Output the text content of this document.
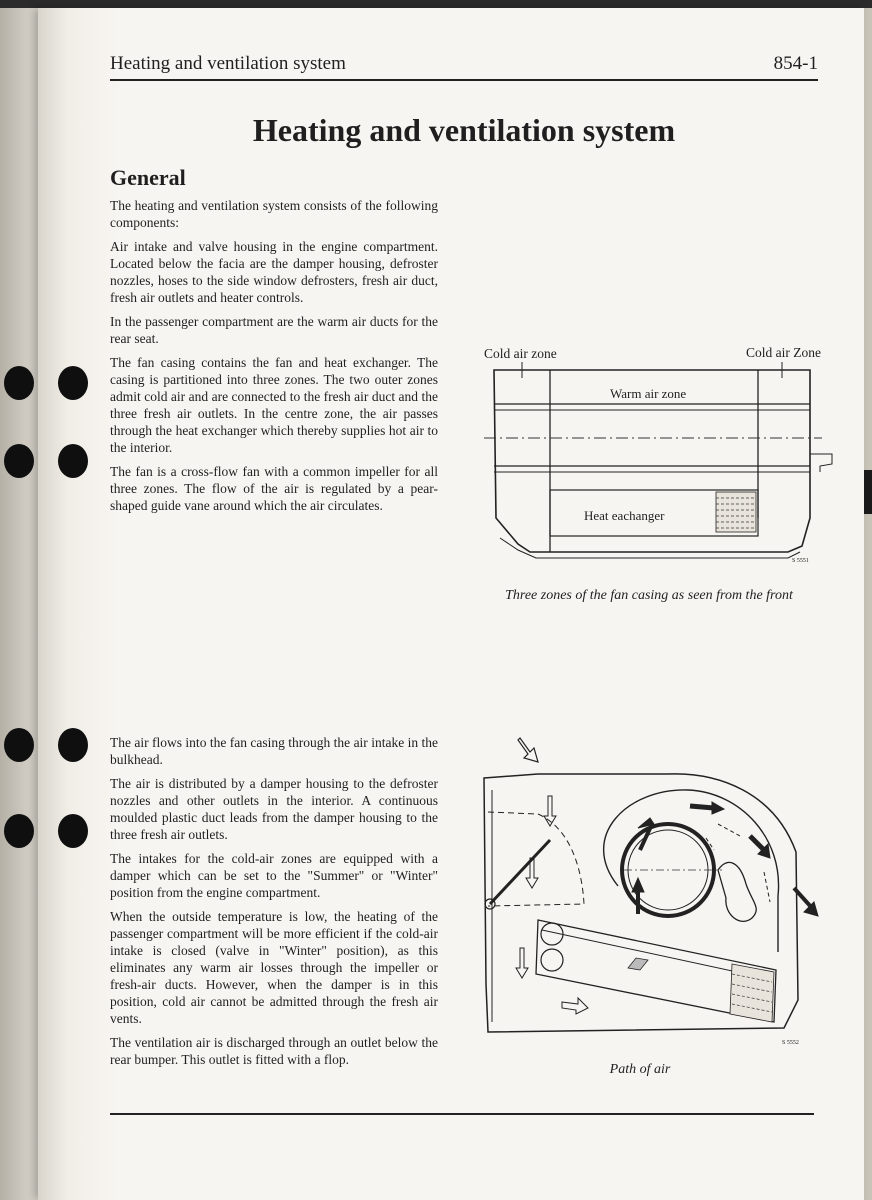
Heating and ventilation system	854-1
Heating and ventilation system
General

The heating and ventilation system consists of the following components:

Air intake and valve housing in the engine compartment. Located below the facia are the damper housing, defroster nozzles, hoses to the side window defrosters, fresh air duct, fresh air outlets and heater controls.

In the passenger compartment are the warm air ducts for the rear seat.

The fan casing contains the fan and heat exchanger. The casing is partitioned into three zones. The two outer zones admit cold air and are connected to the fresh air duct and the three fresh air outlets. In the centre zone, the air passes through the heat exchanger which thereby supplies hot air to the interior.

The fan is a cross-flow fan with a common impeller for all three zones. The flow of the air is regulated by a pear-shaped guide vane around which the air circulates.

The air flows into the fan casing through the air intake in the bulkhead.

The air is distributed by a damper housing to the defroster nozzles and other outlets in the interior. A continuous moulded plastic duct leads from the damper housing to the three fresh air outlets.

The intakes for the cold-air zones are equipped with a damper which can be set to the "Summer" or "Winter" position from the engine compartment.

When the outside temperature is low, the heating of the passenger compartment will be more efficient if the cold-air intake is closed (valve in "Winter" position), as this eliminates any warm air losses through the impeller or fresh-air ducts. However, when the damper is in this position, cold air cannot be admitted through the fresh air vents.

The ventilation air is discharged through an outlet below the rear bumper. This outlet is fitted with a flop.

Cold air zone	Cold air Zone
Warm air zone
Heat eachanger
S 5551
Three zones of the fan casing as seen from the front
S 5552
Path of air
